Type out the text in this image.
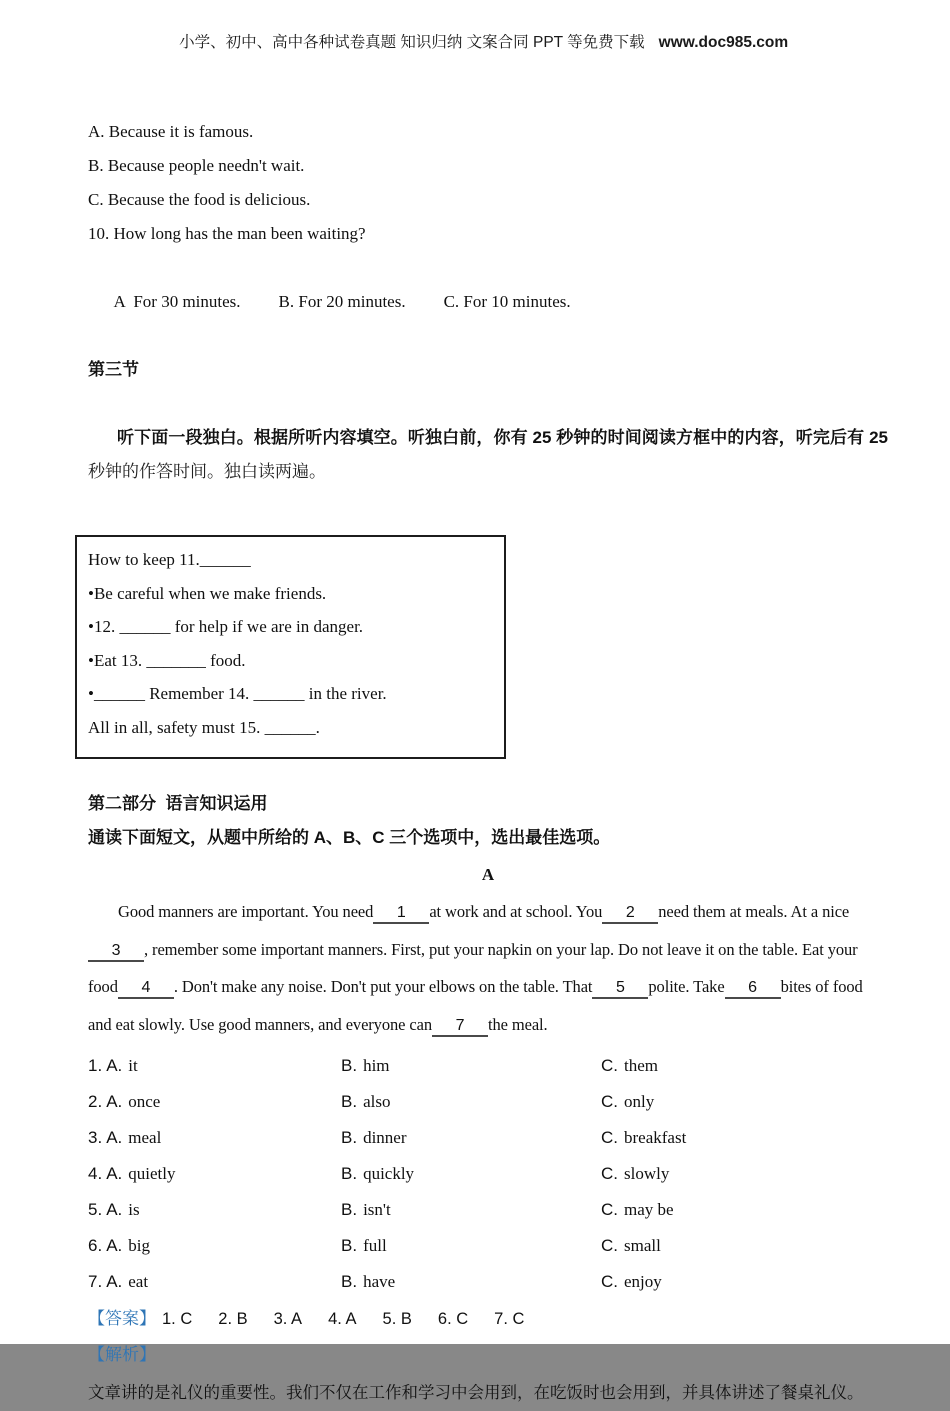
小学、初中、高中各种试卷真题 知识归纳 文案合同 PPT 等免费下载 www.doc985.com

A. Because it is famous.

B. Because people needn't wait.

C. Because the food is delicious.

10. How long has the man been waiting?

A  For 30 minutes. B. For 20 minutes. C. For 10 minutes.

第三节

听下面一段独白。根据所听内容填空。听独白前，你有 25 秒钟的时间阅读方框中的内容，听完后有 25 秒钟的作答时间。独白读两遍。

How to keep 11.______

•Be careful when we make friends.

•12. ______ for help if we are in danger.

•Eat 13. _______ food.

•______ Remember 14. ______ in the river.

All in all, safety must 15. ______.

第二部分  语言知识运用

通读下面短文，从题中所给的 A、B、C 三个选项中，选出最佳选项。

A

Good manners are important. You need 1 at work and at school. You 2 need them at meals. At a nice3 , remember some important manners. First, put your napkin on your lap. Do not leave it on the table. Eat your food 4 . Don't make any noise. Don't put your elbows on the table. That 5 polite. Take 6 bites of food and eat slowly. Use good manners, and everyone can 7 the meal.

1. A. it	B. him	C. them
2. A. once	B. also	C. only
3. A. meal	B. dinner	C. breakfast
4. A. quietly	B. quickly	C. slowly
5. A. is	B. isn't	C. may be
6. A. big	B. full	C. small
7. A. eat	B. have	C. enjoy

【答案】 1. C 2. B 3. A 4. A 5. B 6. C 7. C

【解析】

文章讲的是礼仪的重要性。我们不仅在工作和学习中会用到，在吃饭时也会用到，并具体讲述了餐桌礼仪。
